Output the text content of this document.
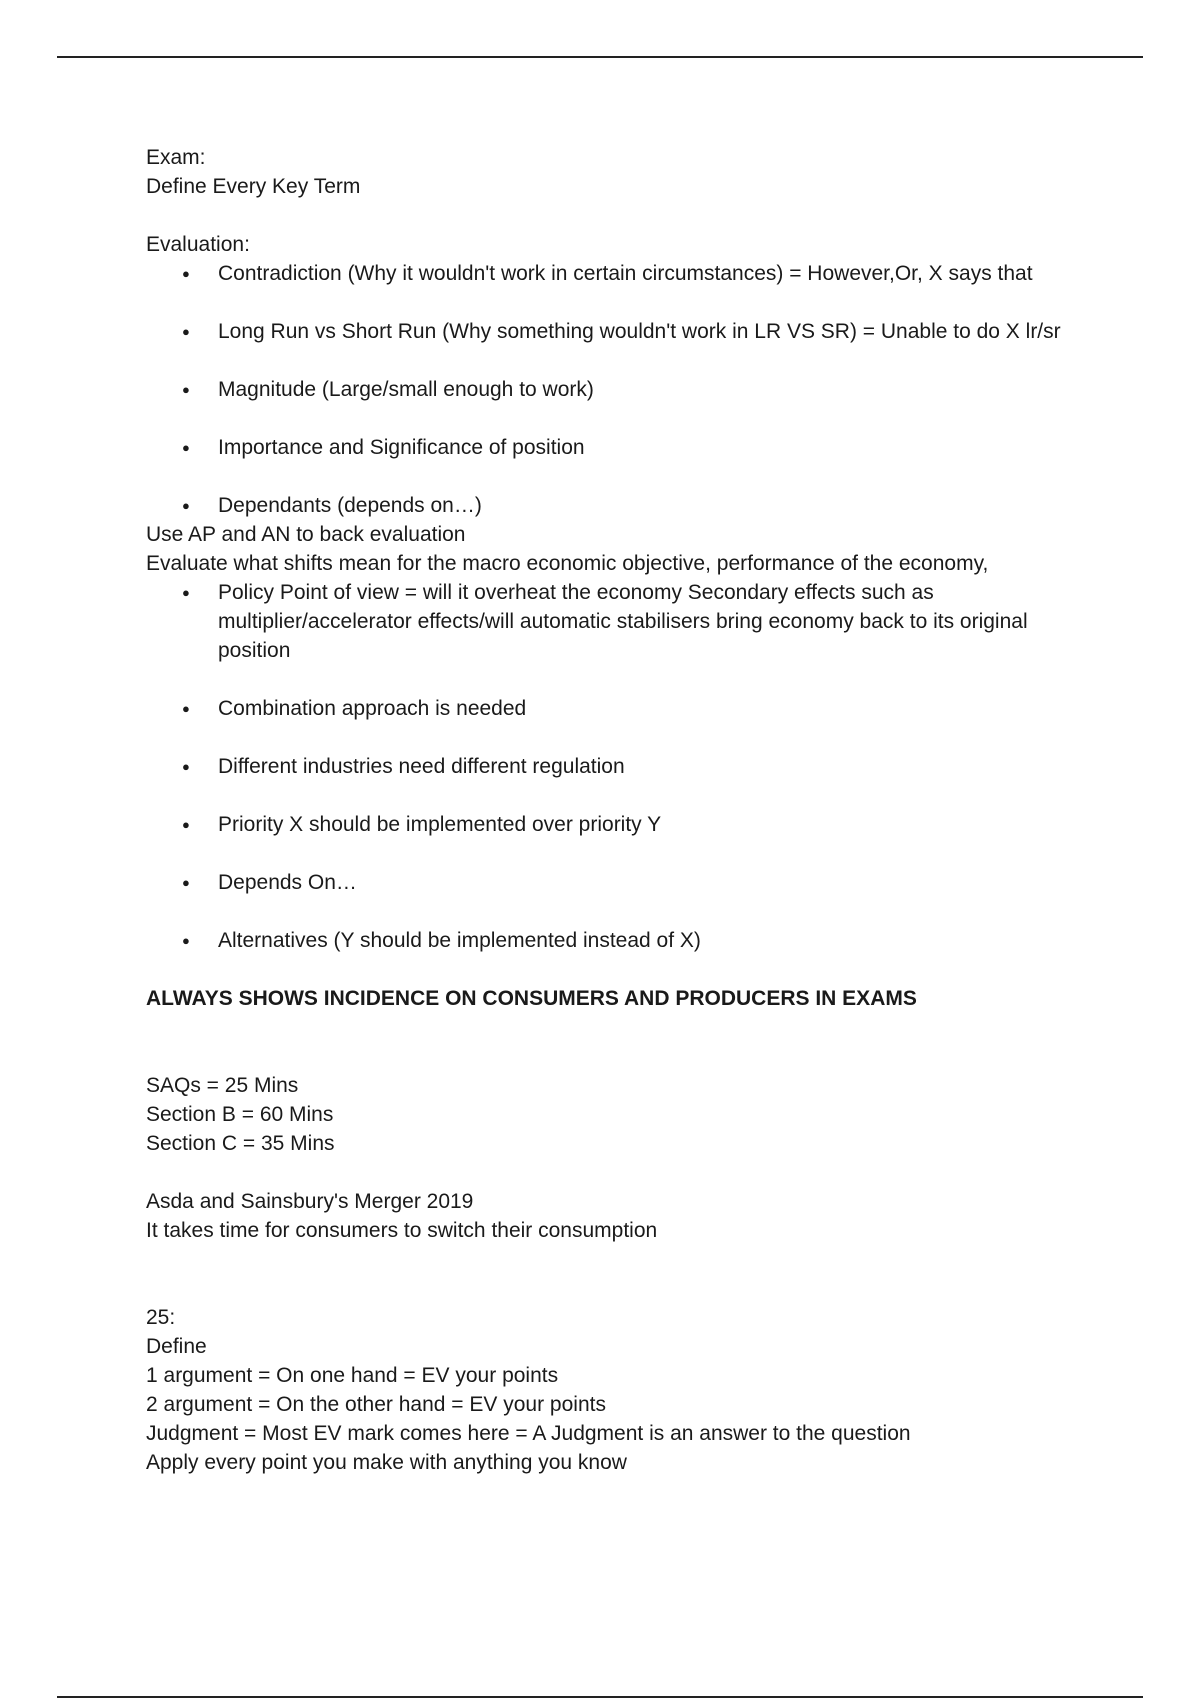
Exam:
Define Every Key Term
Evaluation:
● Contradiction (Why it wouldn't work in certain circumstances) = However,Or, X says that
● Long Run vs Short Run (Why something wouldn't work in LR VS SR) = Unable to do X lr/sr
● Magnitude (Large/small enough to work)
● Importance and Significance of position
● Dependants (depends on…)
Use AP and AN to back evaluation
Evaluate what shifts mean for the macro economic objective, performance of the economy,
● Policy Point of view = will it overheat the economy Secondary effects such as multiplier/accelerator effects/will automatic stabilisers bring economy back to its original position
● Combination approach is needed
● Different industries need different regulation
● Priority X should be implemented over priority Y
● Depends On…
● Alternatives (Y should be implemented instead of X)
ALWAYS SHOWS INCIDENCE ON CONSUMERS AND PRODUCERS IN EXAMS
SAQs = 25 Mins
Section B = 60 Mins
Section C = 35 Mins
Asda and Sainsbury's Merger 2019
It takes time for consumers to switch their consumption
25:
Define
1 argument = On one hand = EV your points
2 argument = On the other hand = EV your points
Judgment = Most EV mark comes here = A Judgment is an answer to the question
Apply every point you make with anything you know
